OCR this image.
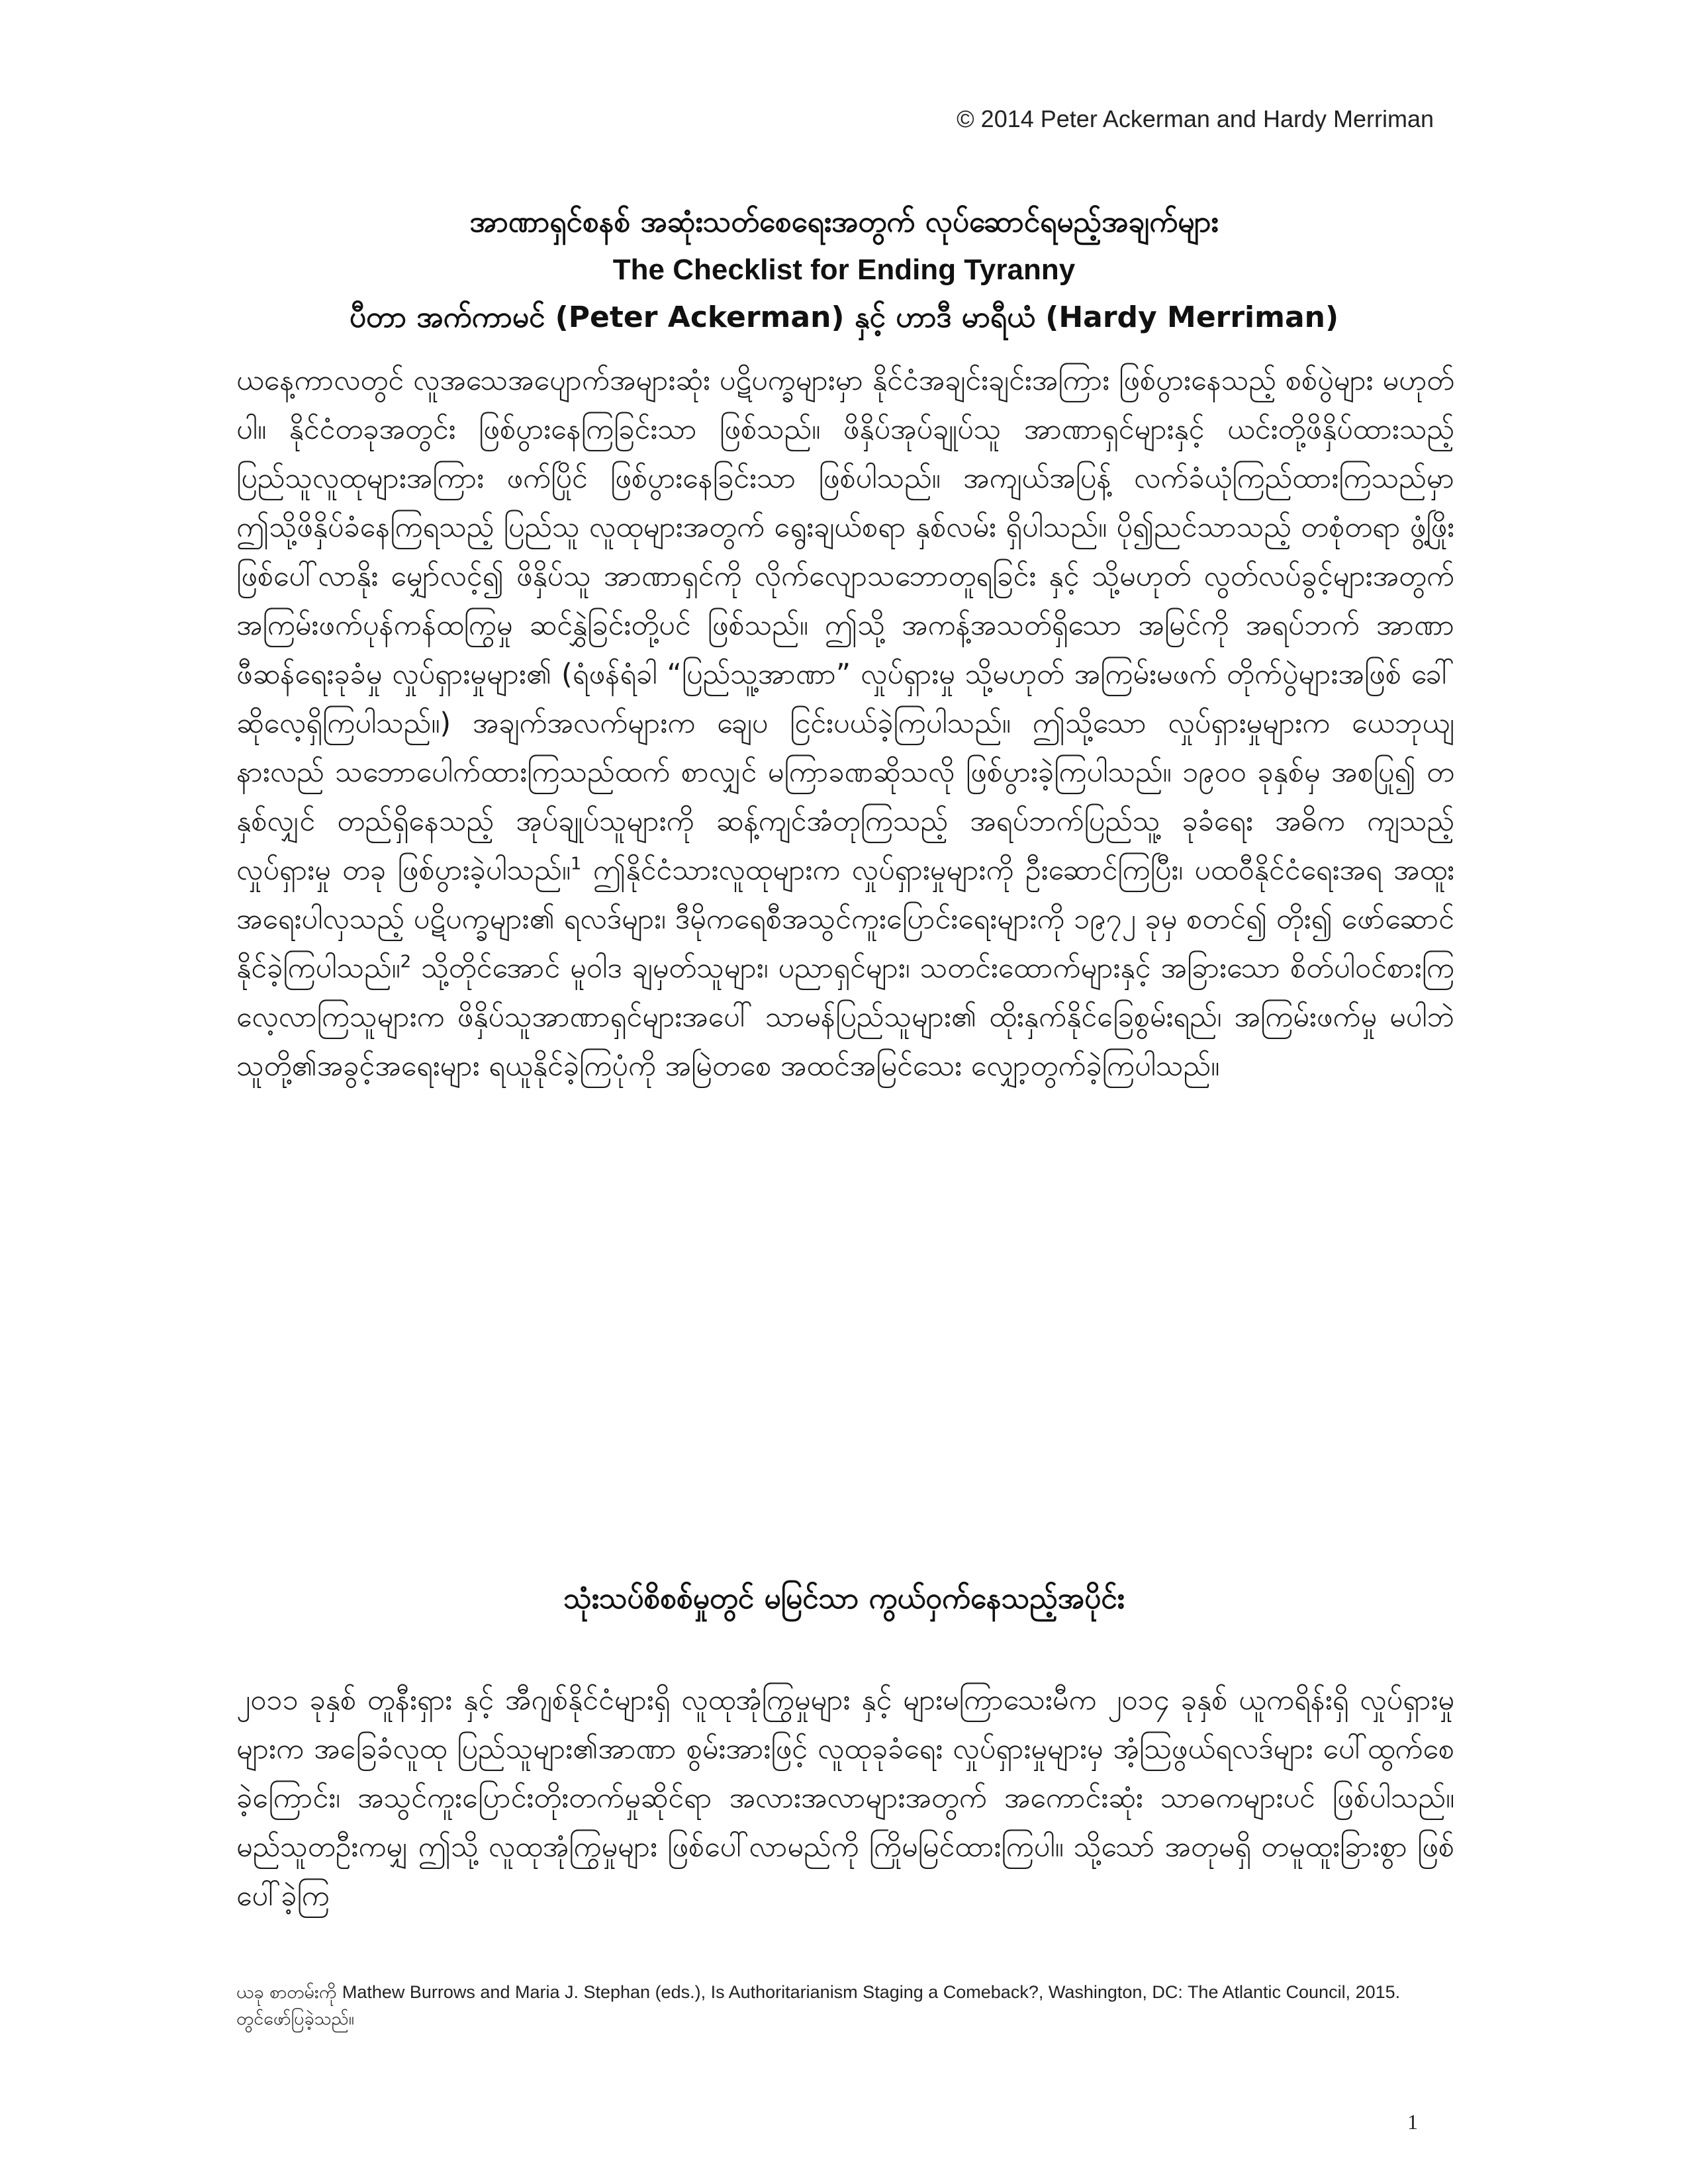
© 2014 Peter Ackerman and Hardy Merriman
အာဏာရှင်စနစ် အဆုံးသတ်စေရေးအတွက် လုပ်ဆောင်ရမည့်အချက်များ
The Checklist for Ending Tyranny
ပီတာ အက်ကာမင် (Peter Ackerman) နှင့် ဟာဒီ မာရီယံ (Hardy Merriman)
ယနေ့ကာလတွင် လူအသေအပျောက်အများဆုံး ပဋိပက္ခများမှာ နိုင်ငံအချင်းချင်းအကြား ဖြစ်ပွားနေသည့် စစ်ပွဲများ မဟုတ်ပါ။ နိုင်ငံတခုအတွင်း ဖြစ်ပွားနေကြခြင်းသာ ဖြစ်သည်။ ဖိနှိပ်အုပ်ချုပ်သူ အာဏာရှင်များနှင့် ယင်းတို့ဖိနှိပ်ထားသည့် ပြည်သူလူထုများအကြား ဖက်ပြိုင် ဖြစ်ပွားနေခြင်းသာ ဖြစ်ပါသည်။ အကျယ်အပြန့် လက်ခံယုံကြည်ထားကြသည်မှာ ဤသို့ဖိနှိပ်ခံနေကြရသည့် ပြည်သူ လူထုများအတွက် ရွေးချယ်စရာ နှစ်လမ်း ရှိပါသည်။ ပို၍ညင်သာသည့် တစုံတရာ ဖွံ့ဖြိုးဖြစ်ပေါ်လာနိုး မျှော်လင့်၍ ဖိနှိပ်သူ အာဏာရှင်ကို လိုက်လျောသဘောတူရခြင်း နှင့် သို့မဟုတ် လွတ်လပ်ခွင့်များအတွက် အကြမ်းဖက်ပုန်ကန်ထကြွမှု ဆင်နွှဲခြင်းတို့ပင် ဖြစ်သည်။ ဤသို့ အကန့်အသတ်ရှိသော အမြင်ကို အရပ်ဘက် အာဏာဖီဆန်ရေးခုခံမှု လှုပ်ရှားမှုများ၏ (ရံဖန်ရံခါ “ပြည်သူ့အာဏာ” လှုပ်ရှားမှု သို့မဟုတ် အကြမ်းမဖက် တိုက်ပွဲများအဖြစ် ခေါ်ဆိုလေ့ရှိကြပါသည်။) အချက်အလက်များက ချေပ ငြင်းပယ်ခဲ့ကြပါသည်။ ဤသို့သော လှုပ်ရှားမှုများက ယေဘုယျနားလည် သဘောပေါက်ထားကြသည်ထက် စာလျှင် မကြာခဏဆိုသလို ဖြစ်ပွားခဲ့ကြပါသည်။ ၁၉၀၀ ခုနှစ်မှ အစပြု၍ တနှစ်လျှင် တည်ရှိနေသည့် အုပ်ချုပ်သူများကို ဆန့်ကျင်အံတုကြသည့် အရပ်ဘက်ပြည်သူ့ ခုခံရေး အဓိက ကျသည့် လှုပ်ရှားမှု တခု ဖြစ်ပွားခဲ့ပါသည်။$^1$ ဤနိုင်ငံသားလူထုများက လှုပ်ရှားမှုများကို ဦးဆောင်ကြပြီး၊ ပထဝီနိုင်ငံရေးအရ အထူးအရေးပါလှသည့် ပဋိပက္ခများ၏ ရလဒ်များ၊ ဒီမိုကရေစီအသွင်ကူးပြောင်းရေးများကို ၁၉၇၂ ခုမှ စတင်၍ တိုး၍ ဖော်ဆောင်နိုင်ခဲ့ကြပါသည်။$^2$ သို့တိုင်အောင် မူဝါဒ ချမှတ်သူများ၊ ပညာရှင်များ၊ သတင်းထောက်များနှင့် အခြားသော စိတ်ပါဝင်စားကြ လေ့လာကြသူများက ဖိနှိပ်သူအာဏာရှင်များအပေါ် သာမန်ပြည်သူများ၏ ထိုးနှက်နိုင်ခြေစွမ်းရည်၊ အကြမ်းဖက်မှု မပါဘဲ သူတို့၏အခွင့်အရေးများ ရယူနိုင်ခဲ့ကြပုံကို အမြဲတစေ အထင်အမြင်သေး လျှော့တွက်ခဲ့ကြပါသည်။
သုံးသပ်စိစစ်မှုတွင် မမြင်သာ ကွယ်ဝှက်နေသည့်အပိုင်း
၂၀၁၁ ခုနှစ် တူနီးရှား နှင့် အီဂျစ်နိုင်ငံများရှိ လူထုအုံကြွမှုများ နှင့် များမကြာသေးမီက ၂၀၁၄ ခုနှစ် ယူကရိန်းရှိ လှုပ်ရှားမှုများက အခြေခံလူထု ပြည်သူများ၏အာဏာ စွမ်းအားဖြင့် လူထုခုခံရေး လှုပ်ရှားမှုများမှ အံ့သြဖွယ်ရလဒ်များ ပေါ်ထွက်စေခဲ့ကြောင်း၊ အသွင်ကူးပြောင်းတိုးတက်မှုဆိုင်ရာ အလားအလာများအတွက် အကောင်းဆုံး သာဓကများပင် ဖြစ်ပါသည်။ မည်သူတဦးကမျှ ဤသို့ လူထုအုံကြွမှုများ ဖြစ်ပေါ်လာမည်ကို ကြိုမမြင်ထားကြပါ။ သို့သော် အတုမရှိ တမူထူးခြားစွာ ဖြစ်ပေါ်ခဲ့ကြ
ယခု စာတမ်းကို Mathew Burrows and Maria J. Stephan (eds.), Is Authoritarianism Staging a Comeback?, Washington, DC: The Atlantic Council, 2015.
တွင်ဖော်ပြခဲ့သည်။
1
